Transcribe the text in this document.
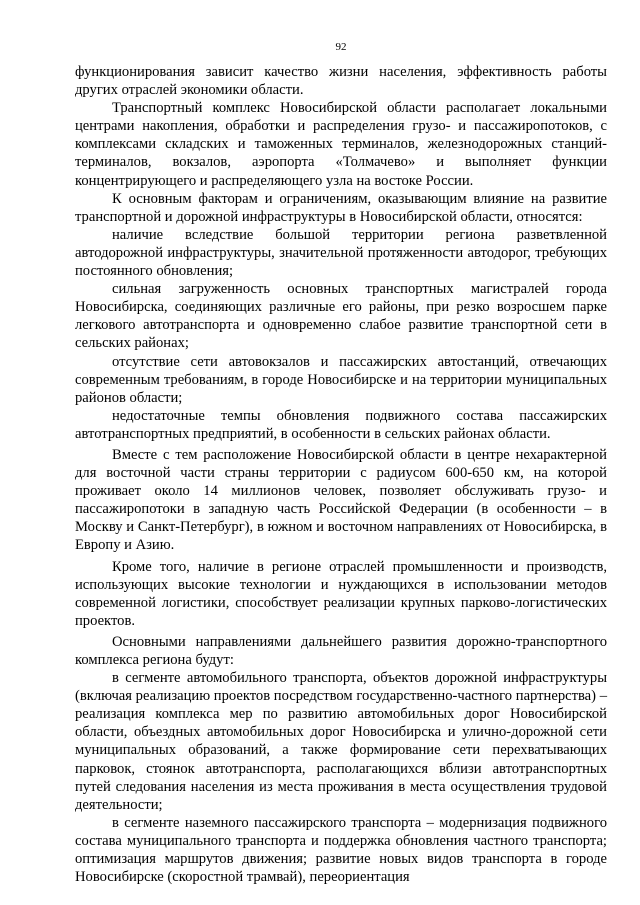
92

функционирования зависит качество жизни населения, эффективность работы других отраслей экономики области.

Транспортный комплекс Новосибирской области располагает локальными центрами накопления, обработки и распределения грузо- и пассажиропотоков, с комплексами складских и таможенных терминалов, железнодорожных станций-терминалов, вокзалов, аэропорта «Толмачево» и выполняет функции концентрирующего и распределяющего узла на востоке России.

К основным факторам и ограничениям, оказывающим влияние на развитие транспортной и дорожной инфраструктуры в Новосибирской области, относятся:

наличие вследствие большой территории региона разветвленной автодорожной инфраструктуры, значительной протяженности автодорог, требующих постоянного обновления;

сильная загруженность основных транспортных магистралей города Новосибирска, соединяющих различные его районы, при резко возросшем парке легкового автотранспорта и одновременно слабое развитие транспортной сети в сельских районах;

отсутствие сети автовокзалов и пассажирских автостанций, отвечающих современным требованиям, в городе Новосибирске и на территории муниципальных районов области;

недостаточные темпы обновления подвижного состава пассажирских автотранспортных предприятий, в особенности в сельских районах области.

Вместе с тем расположение Новосибирской области в центре нехарактерной для восточной части страны территории с радиусом 600-650 км, на которой проживает около 14 миллионов человек, позволяет обслуживать грузо- и пассажиропотоки в западную часть Российской Федерации (в особенности – в Москву и Санкт-Петербург), в южном и восточном направлениях от Новосибирска, в Европу и Азию.

Кроме того, наличие в регионе отраслей промышленности и производств, использующих высокие технологии и нуждающихся в использовании методов современной логистики, способствует реализации крупных парково-логистических проектов.

Основными направлениями дальнейшего развития дорожно-транспортного комплекса региона будут:

в сегменте автомобильного транспорта, объектов дорожной инфраструктуры (включая реализацию проектов посредством государственно-частного партнерства) – реализация комплекса мер по развитию автомобильных дорог Новосибирской области, объездных автомобильных дорог Новосибирска и улично-дорожной сети муниципальных образований, а также формирование сети перехватывающих парковок, стоянок автотранспорта, располагающихся вблизи автотранспортных путей следования населения из места проживания в места осуществления трудовой деятельности;

в сегменте наземного пассажирского транспорта – модернизация подвижного состава муниципального транспорта и поддержка обновления частного транспорта; оптимизация маршрутов движения; развитие новых видов транспорта в городе Новосибирске (скоростной трамвай), переориентация
